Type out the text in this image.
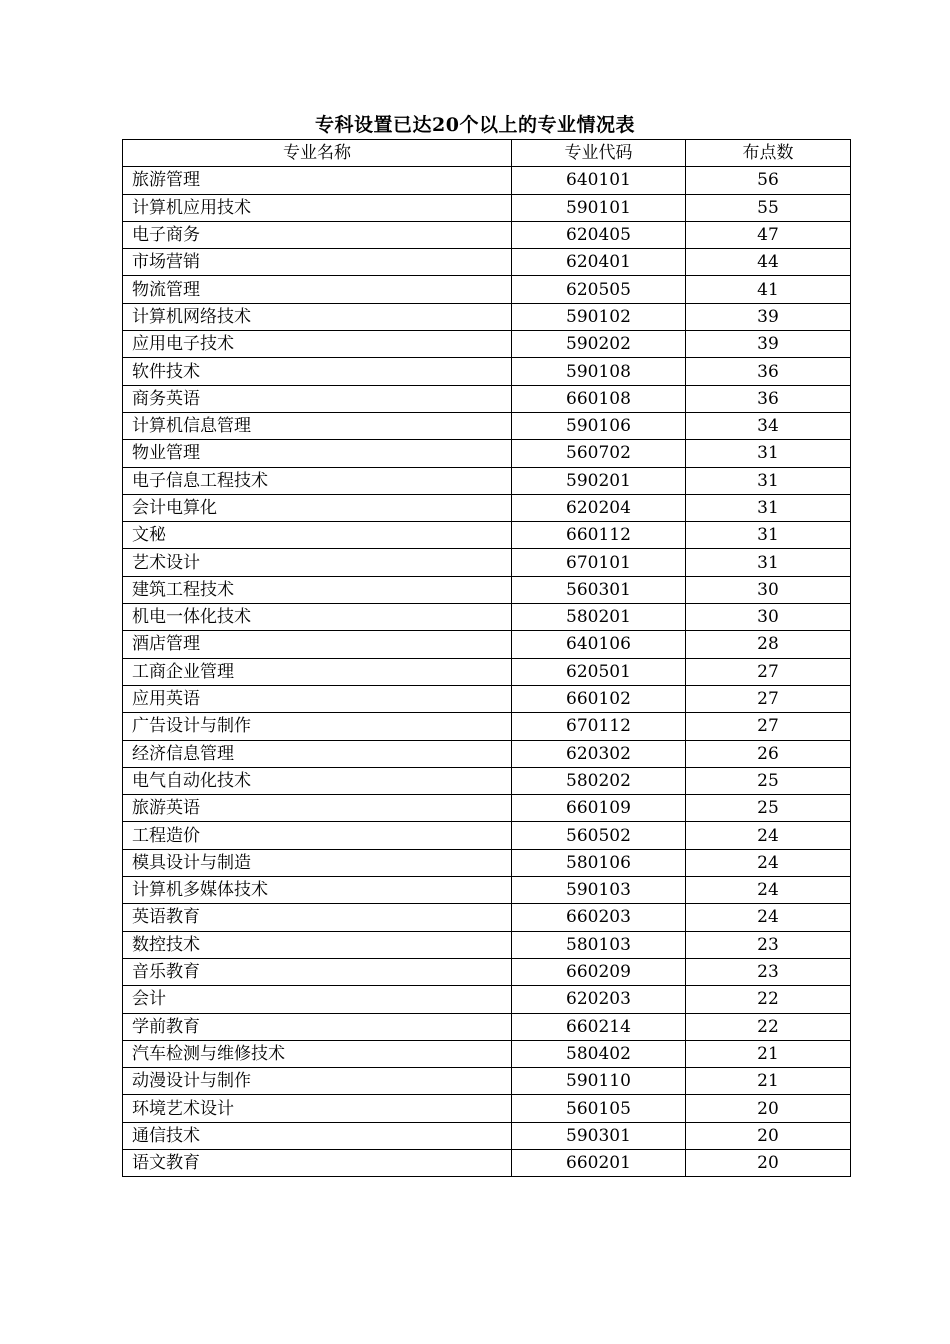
专科设置已达20个以上的专业情况表
专业名称	专业代码	布点数
旅游管理	640101	56
计算机应用技术	590101	55
电子商务	620405	47
市场营销	620401	44
物流管理	620505	41
计算机网络技术	590102	39
应用电子技术	590202	39
软件技术	590108	36
商务英语	660108	36
计算机信息管理	590106	34
物业管理	560702	31
电子信息工程技术	590201	31
会计电算化	620204	31
文秘	660112	31
艺术设计	670101	31
建筑工程技术	560301	30
机电一体化技术	580201	30
酒店管理	640106	28
工商企业管理	620501	27
应用英语	660102	27
广告设计与制作	670112	27
经济信息管理	620302	26
电气自动化技术	580202	25
旅游英语	660109	25
工程造价	560502	24
模具设计与制造	580106	24
计算机多媒体技术	590103	24
英语教育	660203	24
数控技术	580103	23
音乐教育	660209	23
会计	620203	22
学前教育	660214	22
汽车检测与维修技术	580402	21
动漫设计与制作	590110	21
环境艺术设计	560105	20
通信技术	590301	20
语文教育	660201	20
